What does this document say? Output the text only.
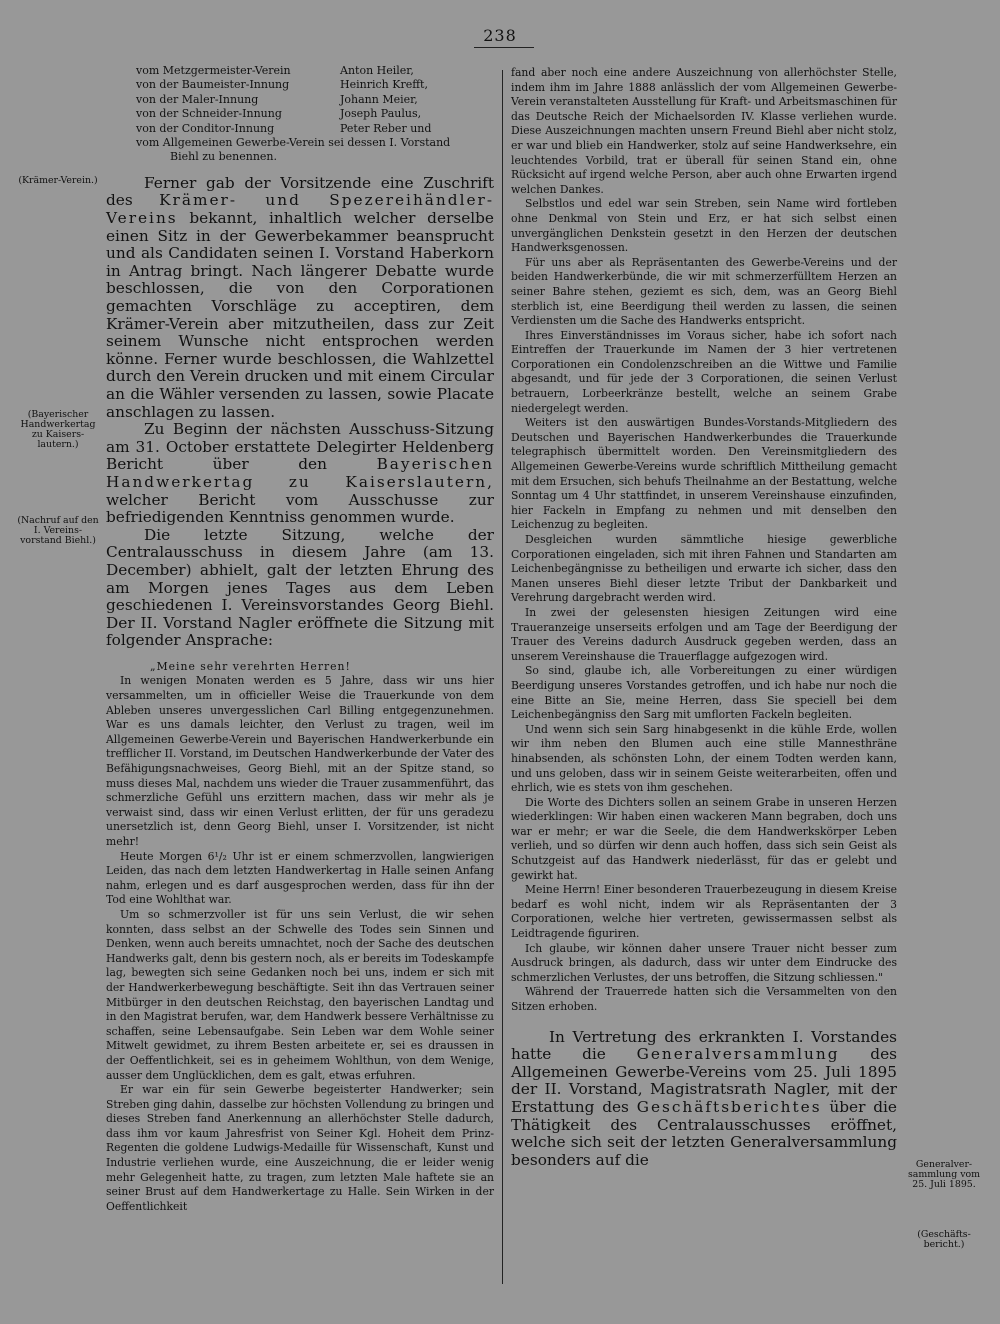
238
vom Metzgermeister-Verein	Anton Heiler,
von der Baumeister-Innung	Heinrich Krefft,
von der Maler-Innung	Johann Meier,
von der Schneider-Innung	Joseph Paulus,
von der Conditor-Innung	Peter Reber und
vom Allgemeinen Gewerbe-Verein sei dessen I. Vorstand
Biehl zu benennen.

Ferner gab der Vorsitzende eine Zuschrift des Krämer- und Spezereihändler-Vereins bekannt, inhaltlich welcher derselbe einen Sitz in der Gewerbekammer beansprucht und als Candidaten seinen I. Vorstand Haberkorn in Antrag bringt. Nach längerer Debatte wurde beschlossen, die von den Corporationen gemachten Vorschläge zu acceptiren, dem Krämer-Verein aber mitzutheilen, dass zur Zeit seinem Wunsche nicht entsprochen werden könne. Ferner wurde beschlossen, die Wahlzettel durch den Verein drucken und mit einem Circular an die Wähler versenden zu lassen, sowie Placate anschlagen zu lassen.

Zu Beginn der nächsten Ausschuss-Sitzung am 31. October erstattete Delegirter Heldenberg Bericht über den	Bayerischen Handwerkertag zu Kaiserslautern, welcher Bericht vom Ausschusse zur befriedigenden Kenntniss genommen wurde.

Die letzte Sitzung, welche der Centralausschuss in diesem Jahre (am 13. December) abhielt, galt der letzten Ehrung des am Morgen jenes Tages aus dem Leben geschiedenen I. Vereinsvorstandes Georg Biehl. Der II. Vorstand Nagler eröffnete die Sitzung mit folgender Ansprache:

„Meine sehr verehrten Herren!

In wenigen Monaten werden es 5 Jahre, dass wir uns hier versammelten, um in officieller Weise die Trauerkunde von dem Ableben unseres unvergesslichen Carl Billing entgegenzunehmen. War es uns damals leichter, den Verlust zu tragen, weil im Allgemeinen Gewerbe-Verein und Bayerischen Handwerkerbunde ein trefflicher II. Vorstand, im Deutschen Handwerkerbunde der Vater des Befähigungsnachweises, Georg Biehl, mit an der Spitze stand, so muss dieses Mal, nachdem uns wieder die Trauer zusammenführt, das schmerzliche Gefühl uns erzittern machen, dass wir mehr als je verwaist sind, dass wir einen Verlust erlitten, der für uns geradezu unersetzlich ist, denn Georg Biehl, unser I. Vorsitzender, ist nicht mehr!

Heute Morgen 6¹/₂ Uhr ist er einem schmerzvollen, langwierigen Leiden, das nach dem letzten Handwerkertag in Halle seinen Anfang nahm, erlegen und es darf ausgesprochen werden, dass für ihn der Tod eine Wohlthat war.

Um so schmerzvoller ist für uns sein Verlust, die wir sehen konnten, dass selbst an der Schwelle des Todes sein Sinnen und Denken, wenn auch bereits umnachtet, noch der Sache des deutschen Handwerks galt, denn bis gestern noch, als er bereits im Todeskampfe lag, bewegten sich seine Gedanken noch bei uns, indem er sich mit der Handwerkerbewegung beschäftigte. Seit ihn das Vertrauen seiner Mitbürger in den deutschen Reichstag, den bayerischen Landtag und in den Magistrat berufen, war, dem Handwerk bessere Verhältnisse zu schaffen, seine Lebensaufgabe. Sein Leben war dem Wohle seiner Mitwelt gewidmet, zu ihrem Besten arbeitete er, sei es draussen in der Oeffentlichkeit, sei es in geheimem Wohlthun, von dem Wenige, ausser dem Unglücklichen, dem es galt, etwas erfuhren.

Er war ein für sein Gewerbe begeisterter Handwerker; sein Streben ging dahin, dasselbe zur höchsten Vollendung zu bringen und dieses Streben fand Anerkennung an allerhöchster Stelle dadurch, dass ihm vor kaum Jahresfrist von Seiner Kgl. Hoheit dem Prinz-Regenten die goldene Ludwigs-Medaille für Wissenschaft, Kunst und Industrie verliehen wurde, eine Auszeichnung, die er leider wenig mehr Gelegenheit hatte, zu tragen, zum letzten Male haftete sie an seiner Brust auf dem Handwerkertage zu Halle. Sein Wirken in der Oeffentlichkeit

fand aber noch eine andere Auszeichnung von allerhöchster Stelle, indem ihm im Jahre 1888 anlässlich der vom Allgemeinen Gewerbe-Verein veranstalteten Ausstellung für Kraft- und Arbeitsmaschinen für das Deutsche Reich der Michaelsorden IV. Klasse verliehen wurde. Diese Auszeichnungen machten unsern Freund Biehl aber nicht stolz, er war und blieb ein Handwerker, stolz auf seine Handwerksehre, ein leuchtendes Vorbild, trat er überall für seinen Stand ein, ohne Rücksicht auf irgend welche Person, aber auch ohne Erwarten irgend welchen Dankes.

Selbstlos und edel war sein Streben, sein Name wird fortleben ohne Denkmal von Stein und Erz, er hat sich selbst einen unvergänglichen Denkstein gesetzt in den Herzen der deutschen Handwerksgenossen.

Für uns aber als Repräsentanten des Gewerbe-Vereins und der beiden Handwerkerbünde, die wir mit schmerzerfülltem Herzen an seiner Bahre stehen, geziemt es sich, dem, was an Georg Biehl sterblich ist, eine Beerdigung theil werden zu lassen, die seinen Verdiensten um die Sache des Handwerks entspricht.

Ihres Einverständnisses im Voraus sicher, habe ich sofort nach Eintreffen der Trauerkunde im Namen der 3 hier vertretenen Corporationen ein Condolenzschreiben an die Wittwe und Familie abgesandt, und für jede der 3 Corporationen, die seinen Verlust betrauern, Lorbeerkränze bestellt, welche an seinem Grabe niedergelegt werden.

Weiters ist den auswärtigen Bundes-Vorstands-Mitgliedern des Deutschen und Bayerischen Handwerkerbundes die Trauerkunde telegraphisch übermittelt worden. Den Vereinsmitgliedern des Allgemeinen Gewerbe-Vereins wurde schriftlich Mittheilung gemacht mit dem Ersuchen, sich behufs Theilnahme an der Bestattung, welche Sonntag um 4 Uhr stattfindet, in unserem Vereinshause einzufinden, hier Fackeln in Empfang zu nehmen und mit denselben den Leichenzug zu begleiten.

Desgleichen wurden sämmtliche hiesige gewerbliche Corporationen eingeladen, sich mit ihren Fahnen und Standarten am Leichenbegängnisse zu betheiligen und erwarte ich sicher, dass den Manen unseres Biehl dieser letzte Tribut der Dankbarkeit und Verehrung dargebracht werden wird.

In zwei der gelesensten hiesigen Zeitungen wird eine Traueranzeige unserseits erfolgen und am Tage der Beerdigung der Trauer des Vereins dadurch Ausdruck gegeben werden, dass an unserem Vereinshause die Trauerflagge aufgezogen wird.

So sind, glaube ich, alle Vorbereitungen zu einer würdigen Beerdigung unseres Vorstandes getroffen, und ich habe nur noch die eine Bitte an Sie, meine Herren, dass Sie speciell bei dem Leichenbegängniss den Sarg mit umflorten Fackeln begleiten.

Und wenn sich sein Sarg hinabgesenkt in die kühle Erde, wollen wir ihm neben den Blumen auch eine stille Mannesthräne hinabsenden, als schönsten Lohn, der einem Todten werden kann, und uns geloben, dass wir in seinem Geiste weiterarbeiten, offen und ehrlich, wie es stets von ihm geschehen.

Die Worte des Dichters sollen an seinem Grabe in unseren Herzen wiederklingen: Wir haben einen wackeren Mann begraben, doch uns war er mehr; er war die Seele, die dem Handwerkskörper Leben verlieh, und so dürfen wir denn auch hoffen, dass sich sein Geist als Schutzgeist auf das Handwerk niederlässt, für das er gelebt und gewirkt hat.

Meine Herrn! Einer besonderen Trauerbezeugung in diesem Kreise bedarf es wohl nicht, indem wir als Repräsentanten der 3 Corporationen, welche hier vertreten, gewissermassen selbst als Leidtragende figuriren.

Ich glaube, wir können daher unsere Trauer nicht besser zum Ausdruck bringen, als dadurch, dass wir unter dem Eindrucke des schmerzlichen Verlustes, der uns betroffen, die Sitzung schliessen."

Während der Trauerrede hatten sich die Versammelten von den Sitzen erhoben.

In Vertretung des erkrankten I. Vorstandes hatte die Generalversammlung des Allgemeinen Gewerbe-Vereins vom 25. Juli 1895 der II. Vorstand, Magistratsrath Nagler, mit der Erstattung des Geschäftsberichtes über die Thätigkeit des Centralausschusses eröffnet, welche sich seit der letzten Generalversammlung besonders auf die

(Krämer-Verein.)
(Bayerischer
Handwerkertag
zu Kaisers-
lautern.)
(Nachruf auf den
I. Vereins-
vorstand Biehl.)
Generalver-
sammlung vom
25. Juli 1895.
(Geschäfts-
bericht.)
